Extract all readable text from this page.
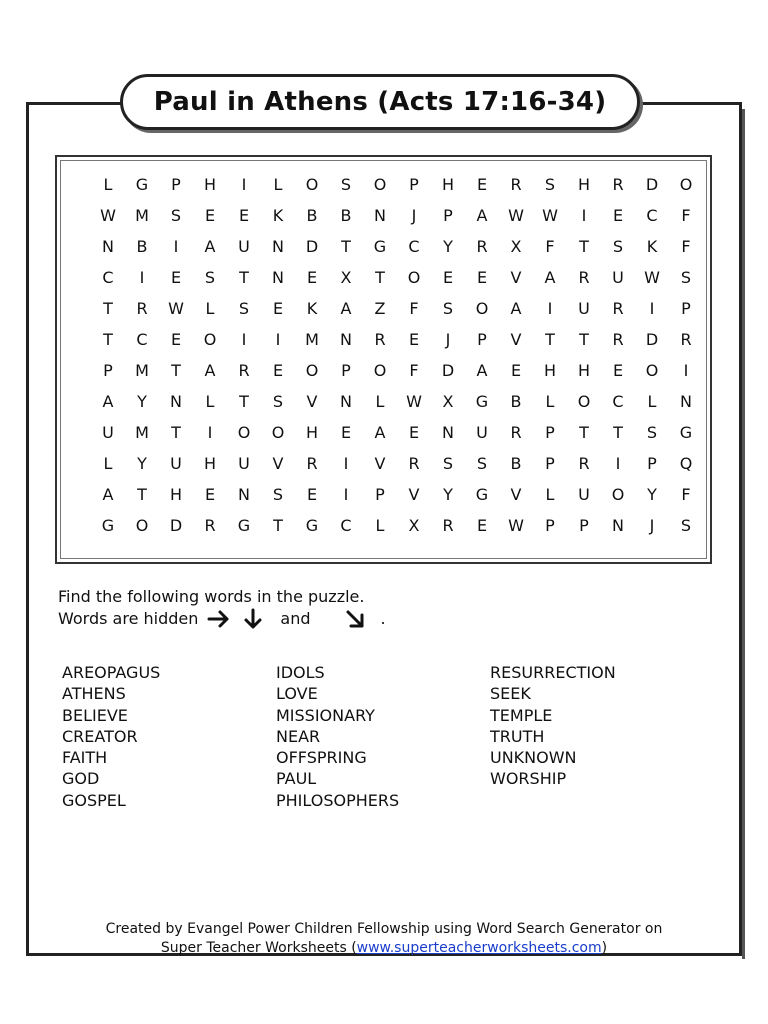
Paul in Athens (Acts 17:16-34)
L	G	P	H	I	L	O	S	O	P	H	E	R	S	H	R	D	O
W	M	S	E	E	K	B	B	N	J	P	A	W	W	I	E	C	F
N	B	I	A	U	N	D	T	G	C	Y	R	X	F	T	S	K	F
C	I	E	S	T	N	E	X	T	O	E	E	V	A	R	U	W	S
T	R	W	L	S	E	K	A	Z	F	S	O	A	I	U	R	I	P
T	C	E	O	I	I	M	N	R	E	J	P	V	T	T	R	D	R
P	M	T	A	R	E	O	P	O	F	D	A	E	H	H	E	O	I
A	Y	N	L	T	S	V	N	L	W	X	G	B	L	O	C	L	N
U	M	T	I	O	O	H	E	A	E	N	U	R	P	T	T	S	G
L	Y	U	H	U	V	R	I	V	R	S	S	B	P	R	I	P	Q
A	T	H	E	N	S	E	I	P	V	Y	G	V	L	U	O	Y	F
G	O	D	R	G	T	G	C	L	X	R	E	W	P	P	N	J	S

Find the following words in the puzzle.

Words are hidden	and	.

AREOPAGUS
ATHENS
BELIEVE
CREATOR
FAITH
GOD
GOSPEL
IDOLS
LOVE
MISSIONARY
NEAR
OFFSPRING
PAUL
PHILOSOPHERS
RESURRECTION
SEEK
TEMPLE
TRUTH
UNKNOWN
WORSHIP
Created by Evangel Power Children Fellowship using Word Search Generator on
Super Teacher Worksheets (www.superteacherworksheets.com)
